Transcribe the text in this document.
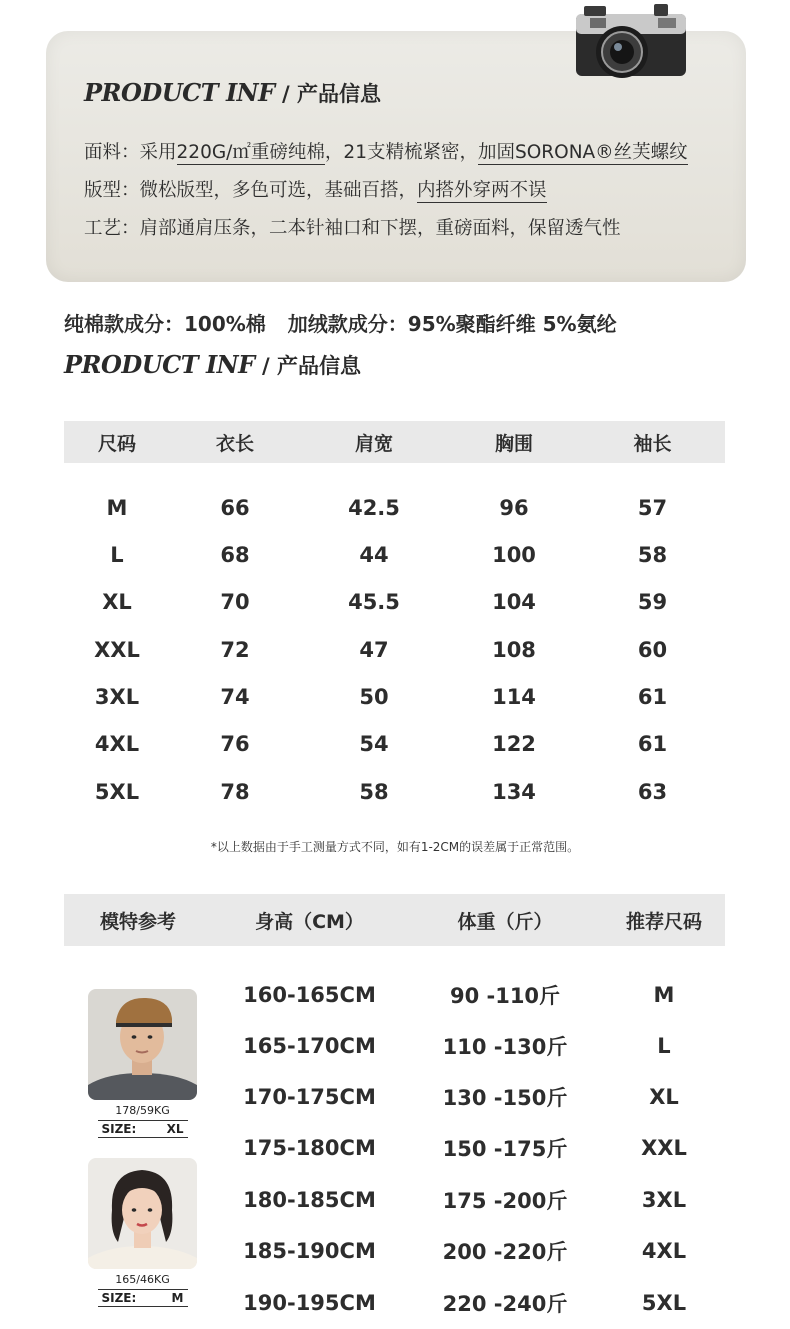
PRODUCT INF / 产品信息
面料：采用220G/㎡重磅纯棉，21支精梳紧密，加固SORONA®丝芙螺纹
版型：微松版型，多色可选，基础百搭，内搭外穿两不误
工艺：肩部通肩压条，二本针袖口和下摆，重磅面料，保留透气性
纯棉款成分：100%棉 加绒款成分：95%聚酯纤维 5%氨纶
PRODUCT INF / 产品信息
尺码	衣长	肩宽	胸围	袖长
M	66	42.5	96	57
L	68	44	100	58
XL	70	45.5	104	59
XXL	72	47	108	60
3XL	74	50	114	61
4XL	76	54	122	61
5XL	78	58	134	63
*以上数据由于手工测量方式不同，如有1-2CM的误差属于正常范围。
模特参考	身高（CM）	体重（斤）	推荐尺码
160-165CM	90 -110斤	M
165-170CM	110 -130斤	L
170-175CM	130 -150斤	XL
175-180CM	150 -175斤	XXL
180-185CM	175 -200斤	3XL
185-190CM	200 -220斤	4XL
190-195CM	220 -240斤	5XL
178/59KG
SIZE:	XL
165/46KG
SIZE:	M
